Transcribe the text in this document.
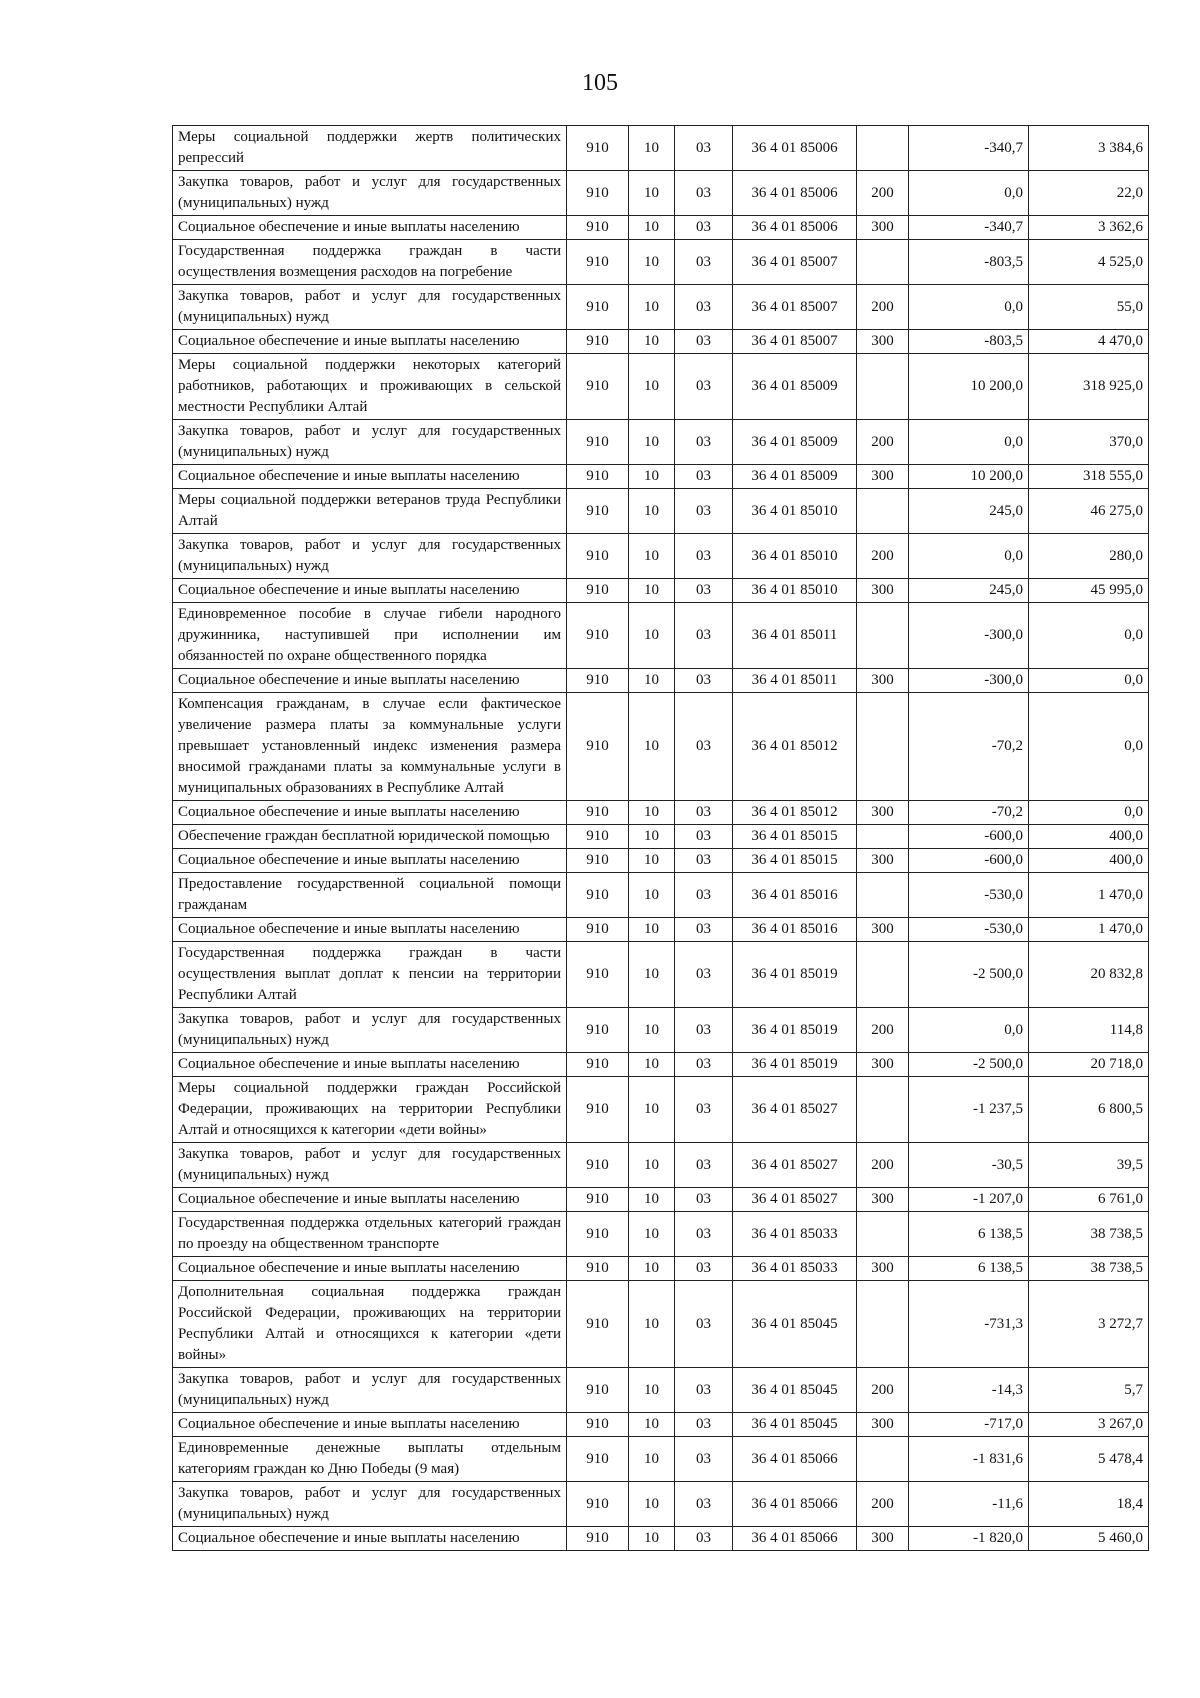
105
Меры социальной поддержки жертв политических репрессий	910	10	03	36 4 01 85006		-340,7	3 384,6
Закупка товаров, работ и услуг для государственных (муниципальных) нужд	910	10	03	36 4 01 85006	200	0,0	22,0
Социальное обеспечение и иные выплаты населению	910	10	03	36 4 01 85006	300	-340,7	3 362,6
Государственная поддержка граждан в части осуществления возмещения расходов на погребение	910	10	03	36 4 01 85007		-803,5	4 525,0
Закупка товаров, работ и услуг для государственных (муниципальных) нужд	910	10	03	36 4 01 85007	200	0,0	55,0
Социальное обеспечение и иные выплаты населению	910	10	03	36 4 01 85007	300	-803,5	4 470,0
Меры социальной поддержки некоторых категорий работников, работающих и проживающих в сельской местности Республики Алтай	910	10	03	36 4 01 85009		10 200,0	318 925,0
Закупка товаров, работ и услуг для государственных (муниципальных) нужд	910	10	03	36 4 01 85009	200	0,0	370,0
Социальное обеспечение и иные выплаты населению	910	10	03	36 4 01 85009	300	10 200,0	318 555,0
Меры социальной поддержки ветеранов труда Республики Алтай	910	10	03	36 4 01 85010		245,0	46 275,0
Закупка товаров, работ и услуг для государственных (муниципальных) нужд	910	10	03	36 4 01 85010	200	0,0	280,0
Социальное обеспечение и иные выплаты населению	910	10	03	36 4 01 85010	300	245,0	45 995,0
Единовременное пособие в случае гибели народного дружинника, наступившей при исполнении им обязанностей по охране общественного порядка	910	10	03	36 4 01 85011		-300,0	0,0
Социальное обеспечение и иные выплаты населению	910	10	03	36 4 01 85011	300	-300,0	0,0
Компенсация гражданам, в случае если фактическое увеличение размера платы за коммунальные услуги превышает установленный индекс изменения размера вносимой гражданами платы за коммунальные услуги в муниципальных образованиях в Республике Алтай	910	10	03	36 4 01 85012		-70,2	0,0
Социальное обеспечение и иные выплаты населению	910	10	03	36 4 01 85012	300	-70,2	0,0
Обеспечение граждан бесплатной юридической помощью	910	10	03	36 4 01 85015		-600,0	400,0
Социальное обеспечение и иные выплаты населению	910	10	03	36 4 01 85015	300	-600,0	400,0
Предоставление государственной социальной помощи гражданам	910	10	03	36 4 01 85016		-530,0	1 470,0
Социальное обеспечение и иные выплаты населению	910	10	03	36 4 01 85016	300	-530,0	1 470,0
Государственная поддержка граждан в части осуществления выплат доплат к пенсии на территории Республики Алтай	910	10	03	36 4 01 85019		-2 500,0	20 832,8
Закупка товаров, работ и услуг для государственных (муниципальных) нужд	910	10	03	36 4 01 85019	200	0,0	114,8
Социальное обеспечение и иные выплаты населению	910	10	03	36 4 01 85019	300	-2 500,0	20 718,0
Меры социальной поддержки граждан Российской Федерации, проживающих на территории Республики Алтай и относящихся к категории «дети войны»	910	10	03	36 4 01 85027		-1 237,5	6 800,5
Закупка товаров, работ и услуг для государственных (муниципальных) нужд	910	10	03	36 4 01 85027	200	-30,5	39,5
Социальное обеспечение и иные выплаты населению	910	10	03	36 4 01 85027	300	-1 207,0	6 761,0
Государственная поддержка отдельных категорий граждан по проезду на общественном транспорте	910	10	03	36 4 01 85033		6 138,5	38 738,5
Социальное обеспечение и иные выплаты населению	910	10	03	36 4 01 85033	300	6 138,5	38 738,5
Дополнительная социальная поддержка граждан Российской Федерации, проживающих на территории Республики Алтай и относящихся к категории «дети войны»	910	10	03	36 4 01 85045		-731,3	3 272,7
Закупка товаров, работ и услуг для государственных (муниципальных) нужд	910	10	03	36 4 01 85045	200	-14,3	5,7
Социальное обеспечение и иные выплаты населению	910	10	03	36 4 01 85045	300	-717,0	3 267,0
Единовременные денежные выплаты отдельным категориям граждан ко Дню Победы (9 мая)	910	10	03	36 4 01 85066		-1 831,6	5 478,4
Закупка товаров, работ и услуг для государственных (муниципальных) нужд	910	10	03	36 4 01 85066	200	-11,6	18,4
Социальное обеспечение и иные выплаты населению	910	10	03	36 4 01 85066	300	-1 820,0	5 460,0
